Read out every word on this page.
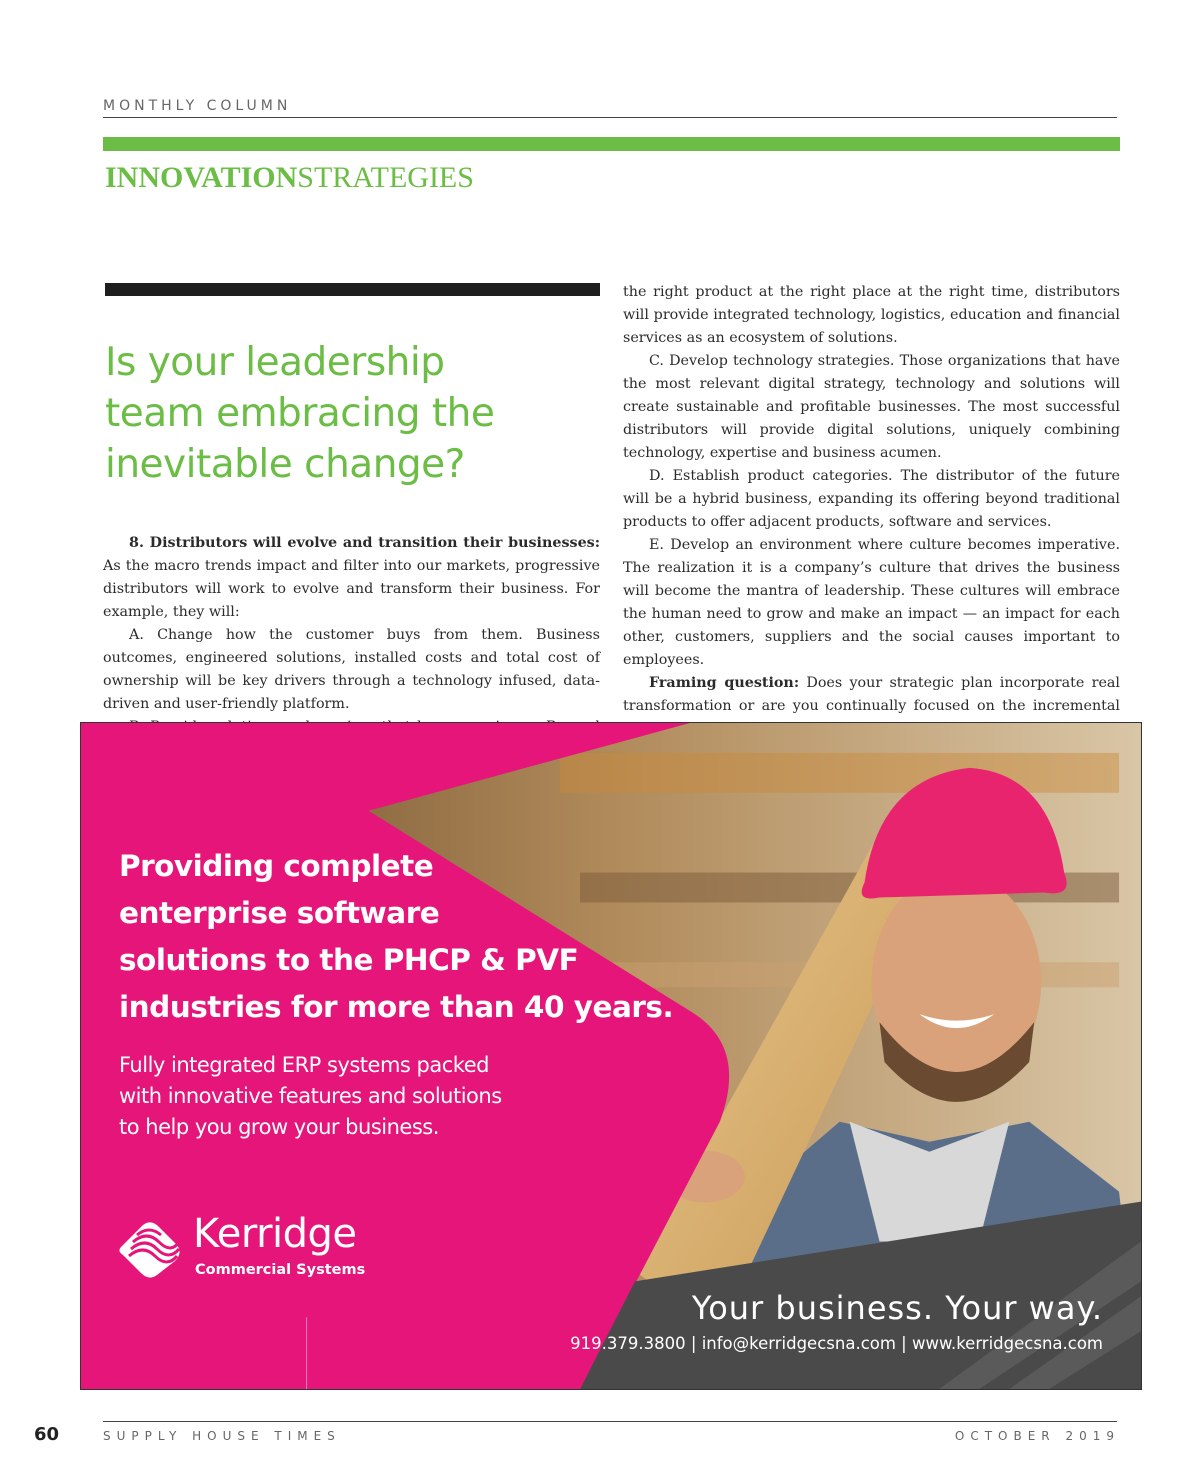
MONTHLY COLUMN
INNOVATIONSTRATEGIES
Is your leadership
team embracing the
inevitable change?

8. Distributors will evolve and transition their businesses: As the macro trends impact and filter into our markets, progressive distributors will work to evolve and transform their business. For example, they will:

A. Change how the customer buys from them. Business outcomes, engineered solutions, installed costs and total cost of ownership will be key drivers through a technology infused, data-driven and user-friendly platform.

the right product at the right place at the right time, distributors will provide integrated technology, logistics, education and financial services as an ecosystem of solutions.

C. Develop technology strategies. Those organizations that have the most relevant digital strategy, technology and solutions will create sustainable and profitable businesses. The most successful distributors will provide digital solutions, uniquely combining technology, expertise and business acumen.

D. Establish product categories. The distributor of the future will be a hybrid business, expanding its offering beyond traditional products to offer adjacent products, software and services.

E. Develop an environment where culture becomes imperative. The realization it is a company’s culture that drives the business will become the mantra of leadership. These cultures will embrace the human need to grow and make an impact — an impact for each other, customers, suppliers and the social causes important to employees.

Framing question: Does your strategic plan incorporate real transformation or are you continually focused on the incremental

Providing complete
enterprise software
solutions to the PHCP & PVF
industries for more than 40 years.
Fully integrated ERP systems packed
with innovative features and solutions
to help you grow your business.
Kerridge
Commercial Systems
Your business. Your way.
919.379.3800 | info@kerridgecsna.com | www.kerridgecsna.com
60	SUPPLY HOUSE TIMES	OCTOBER 2019
